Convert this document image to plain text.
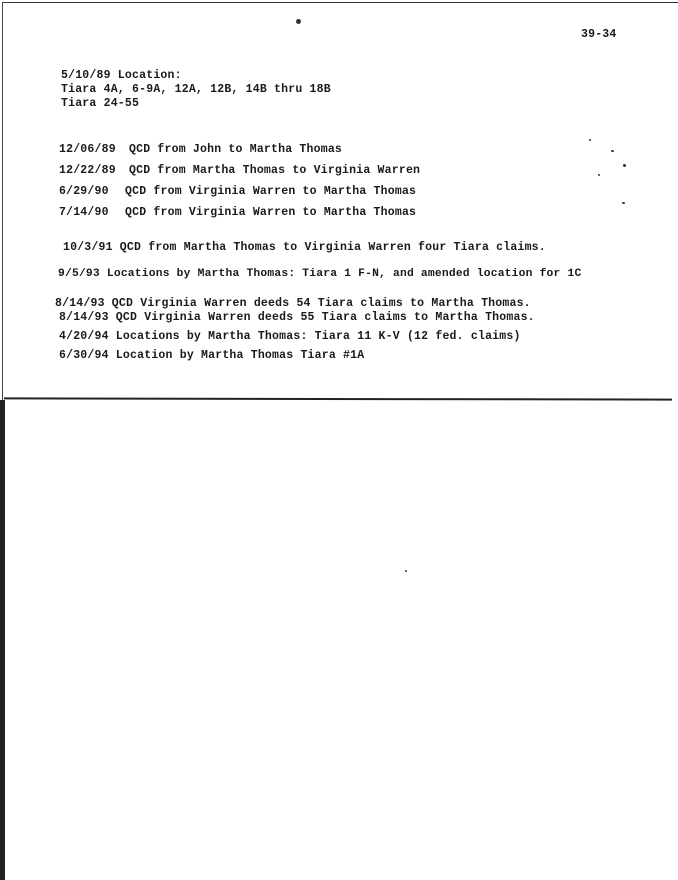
39-34
5/10/89 Location:
Tiara 4A, 6-9A, 12A, 12B, 14B thru 18B
Tiara 24-55
12/06/89 QCD from John to Martha Thomas
12/22/89 QCD from Martha Thomas to Virginia Warren
6/29/90 QCD from Virginia Warren to Martha Thomas
7/14/90 QCD from Virginia Warren to Martha Thomas
10/3/91 QCD from Martha Thomas to Virginia Warren four Tiara claims.
9/5/93 Locations by Martha Thomas: Tiara 1 F-N, and amended location for 1C
8/14/93 QCD Virginia Warren deeds 54 Tiara claims to Martha Thomas.
8/14/93 QCD Virginia Warren deeds 55 Tiara claims to Martha Thomas.
4/20/94 Locations by Martha Thomas: Tiara 11 K-V (12 fed. claims)
6/30/94 Location by Martha Thomas Tiara #1A
